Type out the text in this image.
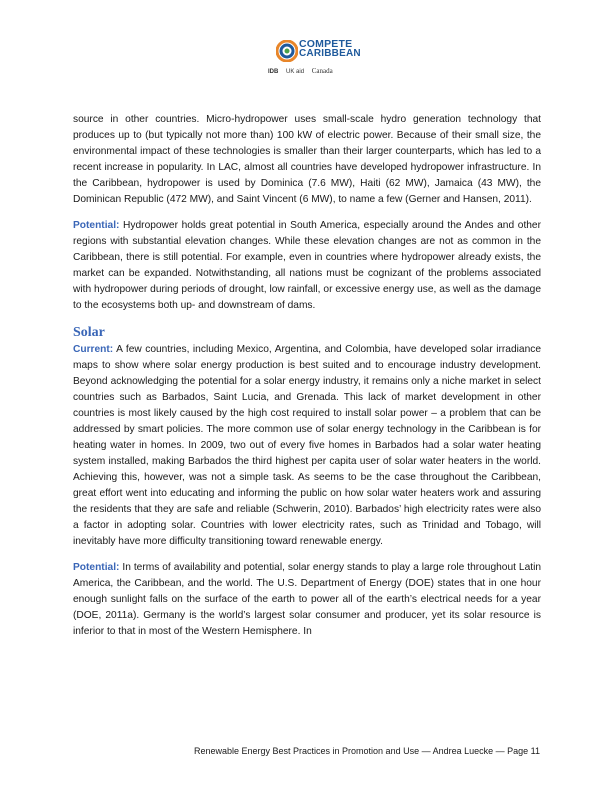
COMPETE
CARIBBEAN
IDB UK aid Canada

source in other countries. Micro-hydropower uses small-scale hydro generation technology that produces up to (but typically not more than) 100 kW of electric power. Because of their small size, the environmental impact of these technologies is smaller than their larger counterparts, which has led to a recent increase in popularity. In LAC, almost all countries have developed hydropower infrastructure. In the Caribbean, hydropower is used by Dominica (7.6 MW), Haiti (62 MW), Jamaica (43 MW), the Dominican Republic (472 MW), and Saint Vincent (6 MW), to name a few (Gerner and Hansen, 2011).

Potential: Hydropower holds great potential in South America, especially around the Andes and other regions with substantial elevation changes. While these elevation changes are not as common in the Caribbean, there is still potential. For example, even in countries where hydropower already exists, the market can be expanded. Notwithstanding, all nations must be cognizant of the problems associated with hydropower during periods of drought, low rainfall, or excessive energy use, as well as the damage to the ecosystems both up- and downstream of dams.

Solar

Current: A few countries, including Mexico, Argentina, and Colombia, have developed solar irradiance maps to show where solar energy production is best suited and to encourage industry development. Beyond acknowledging the potential for a solar energy industry, it remains only a niche market in select countries such as Barbados, Saint Lucia, and Grenada. This lack of market development in other countries is most likely caused by the high cost required to install solar power – a problem that can be addressed by smart policies. The more common use of solar energy technology in the Caribbean is for heating water in homes. In 2009, two out of every five homes in Barbados had a solar water heating system installed, making Barbados the third highest per capita user of solar water heaters in the world. Achieving this, however, was not a simple task. As seems to be the case throughout the Caribbean, great effort went into educating and informing the public on how solar water heaters work and assuring the residents that they are safe and reliable (Schwerin, 2010). Barbados’ high electricity rates were also a factor in adopting solar. Countries with lower electricity rates, such as Trinidad and Tobago, will inevitably have more difficulty transitioning toward renewable energy.

Potential: In terms of availability and potential, solar energy stands to play a large role throughout Latin America, the Caribbean, and the world. The U.S. Department of Energy (DOE) states that in one hour enough sunlight falls on the surface of the earth to power all of the earth’s electrical needs for a year (DOE, 2011a). Germany is the world’s largest solar consumer and producer, yet its solar resource is inferior to that in most of the Western Hemisphere. In

Renewable Energy Best Practices in Promotion and Use — Andrea Luecke — Page 11
